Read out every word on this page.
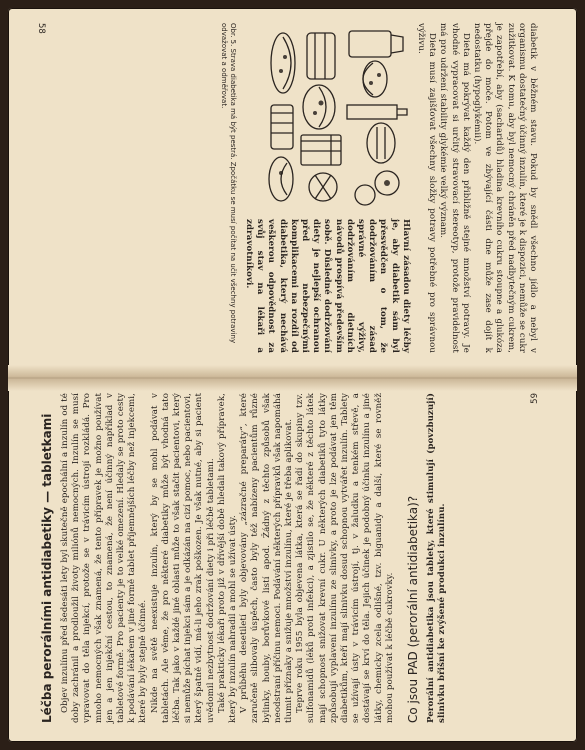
diabetik v běžném stavu. Pokud by snědl všechno jídlo a nebyl v organismu dostatečný účinný inzulín, které je k dispozici, nemůže se cukr zužitkovat. K tomu, aby byl nemocný chráněn před nadbytečným cukrem, je zapotřebí, aby (sacharidů) hladina krevního cukru stoupne a glukóza přejde do moče. Potom ve zbývající části dne může zase dojít k nedostatku (hypoglykémii).

Dieta má pokrývat každý den přibližně stejné množství potravy. Je vhodné vypracovat si určitý stravovací stereotyp, protože pravidelnost má pro udržení stability glykémie velký význam.

Dieta musí zajišťovat všechny složky potravy potřebné pro správnou výživu.

Hlavní zásadou diety léčby je, aby diabetik sám byl přesvědčen o tom, že dodržováním zásad správné výživy, dodržováním dietních návodů prospívá především sobě. Důsledné dodržování diety je nejlepší ochranou před nebezpečnými komplikacemi na rozdíl od diabetika, který nechává veškerou odpovědnost za svůj stav na lékaři a zdravotníkovi.

Obr. 5. Strava diabetika má být pestrá. Zpočátku se musí počítat na učit všechny potraviny odvažovat a odměřovat.

58
Léčba perorálními antidiabetiky — tabletkami Objev inzulínu před šedesáti lety byl skutečně epochální a inzulín od té doby zachránil a prodloužil životy miliónů nemocných. Inzulín se musí vpravovat do těla injekcí, protože se v trávicím ústrojí rozkládá. Pro mnoho nemocných však znamená, že tento přípravek je možno používat jen a jen injekční cestou, to znamená, že není účinný například v tabletové formě. Pro pacienty je to velké omezení. Hledaly se proto cesty k podávání lékařem v jiné formě tablet příjemnějších léčby než injekcemi, které by byly stejně účinné. Nikde na světě neexistuje inzulín, který by se mohl podávat v tabletách. Ale věme, že pro některé diabetiky může být vhodná tato léčba. Tak jako v každé jiné oblasti může to však stačit pacientovi, který si nemůže píchat injekci sám a je odkázán na cizí pomoc, nebo pacientovi, který špatně vidí, má-li jeho zrak poškozen. Je však nutné, aby si pacient uvědomil nezbytnost dodržování diety i při léčbě tabletami. Také prakticky lékaři proto již v dřívější době hledali takový přípravek, který by inzulín nahradil a mohl se užívat ústy. V průběhu desetiletí byly objevovány „zázračné preparáty“, které zaručeně slibovaly úspěch, často byly též nabízeny pacientům různé bylinky, houby, borůvkové listí apod. Žádný z těchto způsobů však neodstraní příčinu nemoci. Podávání některých přípravků však napomáhá tlumit příznaky a snižuje množství inzulínu, které je třeba aplikovat. Teprve roku 1955 byla objevena látka, která se řadí do skupiny tzv. sulfonamidů (léků proti infekci), a zjistilo se, že některé z těchto látek mají schopnost snižovat krevní cukr. U některých diabetiků tyto látky způsobují vyplavení inzulínu ze slinivky, a proto je lze podávat jen těm diabetikům, kteří mají slinivku dosud schopnou vytvářet inzulín. Tablety se užívají ústy v trávicím ústrojí, tj. v žaludku a tenkém střevě, a dostávají se krví do těla. Jejich účinek je podobný účinku inzulínu a jiné látky, chemicky zcela odlišné, tzv. biguanidy a další, které se rovněž mohou používat k léčbě cukrovky. Co jsou PAD (perorální antidiabetika)? Perorální antidiabetika jsou tablety, které stimulují (povzbuzují) slinivku břišní ke zvýšené produkci inzulínu.

59
